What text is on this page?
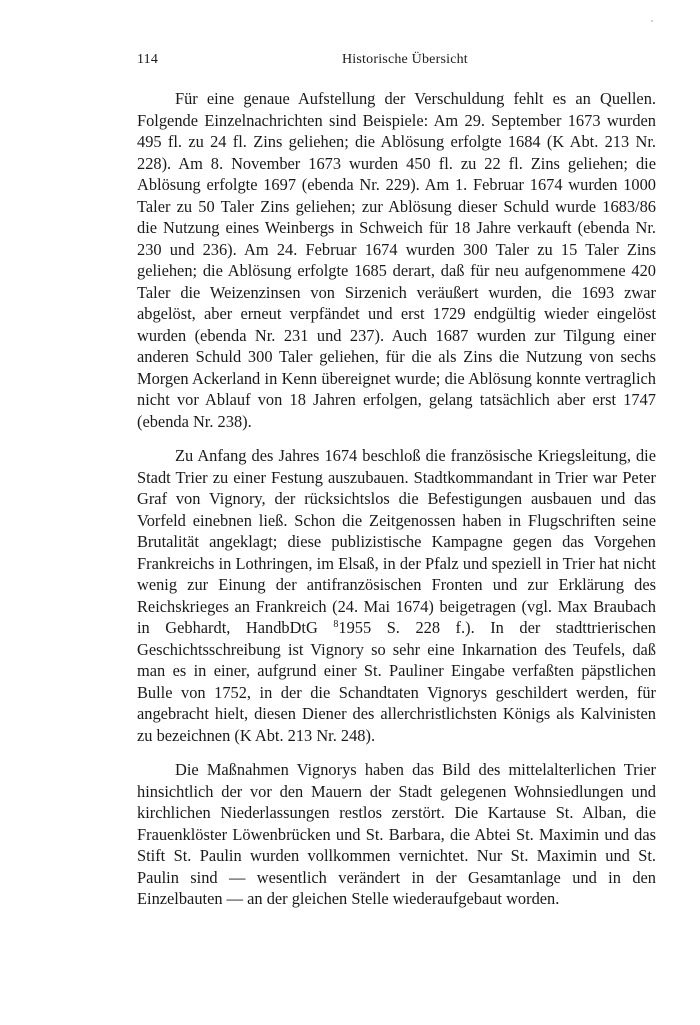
114	Historische Übersicht

Für eine genaue Aufstellung der Verschuldung fehlt es an Quellen. Folgende Einzelnachrichten sind Beispiele: Am 29. September 1673 wurden 495 fl. zu 24 fl. Zins geliehen; die Ablösung erfolgte 1684 (K Abt. 213 Nr. 228). Am 8. November 1673 wurden 450 fl. zu 22 fl. Zins geliehen; die Ablösung erfolgte 1697 (ebenda Nr. 229). Am 1. Februar 1674 wurden 1000 Taler zu 50 Taler Zins geliehen; zur Ablösung dieser Schuld wurde 1683/86 die Nutzung eines Weinbergs in Schweich für 18 Jahre verkauft (ebenda Nr. 230 und 236). Am 24. Februar 1674 wurden 300 Taler zu 15 Taler Zins geliehen; die Ablösung erfolgte 1685 derart, daß für neu aufgenommene 420 Taler die Weizenzinsen von Sirzenich veräußert wurden, die 1693 zwar abgelöst, aber erneut verpfändet und erst 1729 endgültig wieder eingelöst wurden (ebenda Nr. 231 und 237). Auch 1687 wurden zur Tilgung einer anderen Schuld 300 Taler geliehen, für die als Zins die Nutzung von sechs Morgen Ackerland in Kenn übereignet wurde; die Ablösung konnte vertraglich nicht vor Ablauf von 18 Jahren erfolgen, gelang tatsächlich aber erst 1747 (ebenda Nr. 238).

Zu Anfang des Jahres 1674 beschloß die französische Kriegsleitung, die Stadt Trier zu einer Festung auszubauen. Stadtkommandant in Trier war Peter Graf von Vignory, der rücksichtslos die Befestigungen ausbauen und das Vorfeld einebnen ließ. Schon die Zeitgenossen haben in Flugschriften seine Brutalität angeklagt; diese publizistische Kampagne gegen das Vorgehen Frankreichs in Lothringen, im Elsaß, in der Pfalz und speziell in Trier hat nicht wenig zur Einung der antifranzösischen Fronten und zur Erklärung des Reichskrieges an Frankreich (24. Mai 1674) beigetragen (vgl. Max Braubach in Gebhardt, HandbDtG $^8$1955 S. 228 f.). In der stadttrierischen Geschichtsschreibung ist Vignory so sehr eine Inkarnation des Teufels, daß man es in einer, aufgrund einer St. Pauliner Eingabe verfaßten päpstlichen Bulle von 1752, in der die Schandtaten Vignorys geschildert werden, für angebracht hielt, diesen Diener des allerchristlichsten Königs als Kalvinisten zu bezeichnen (K Abt. 213 Nr. 248).

Die Maßnahmen Vignorys haben das Bild des mittelalterlichen Trier hinsichtlich der vor den Mauern der Stadt gelegenen Wohnsiedlungen und kirchlichen Niederlassungen restlos zerstört. Die Kartause St. Alban, die Frauenklöster Löwenbrücken und St. Barbara, die Abtei St. Maximin und das Stift St. Paulin wurden vollkommen vernichtet. Nur St. Maximin und St. Paulin sind — wesentlich verändert in der Gesamtanlage und in den Einzelbauten — an der gleichen Stelle wiederaufgebaut worden.
